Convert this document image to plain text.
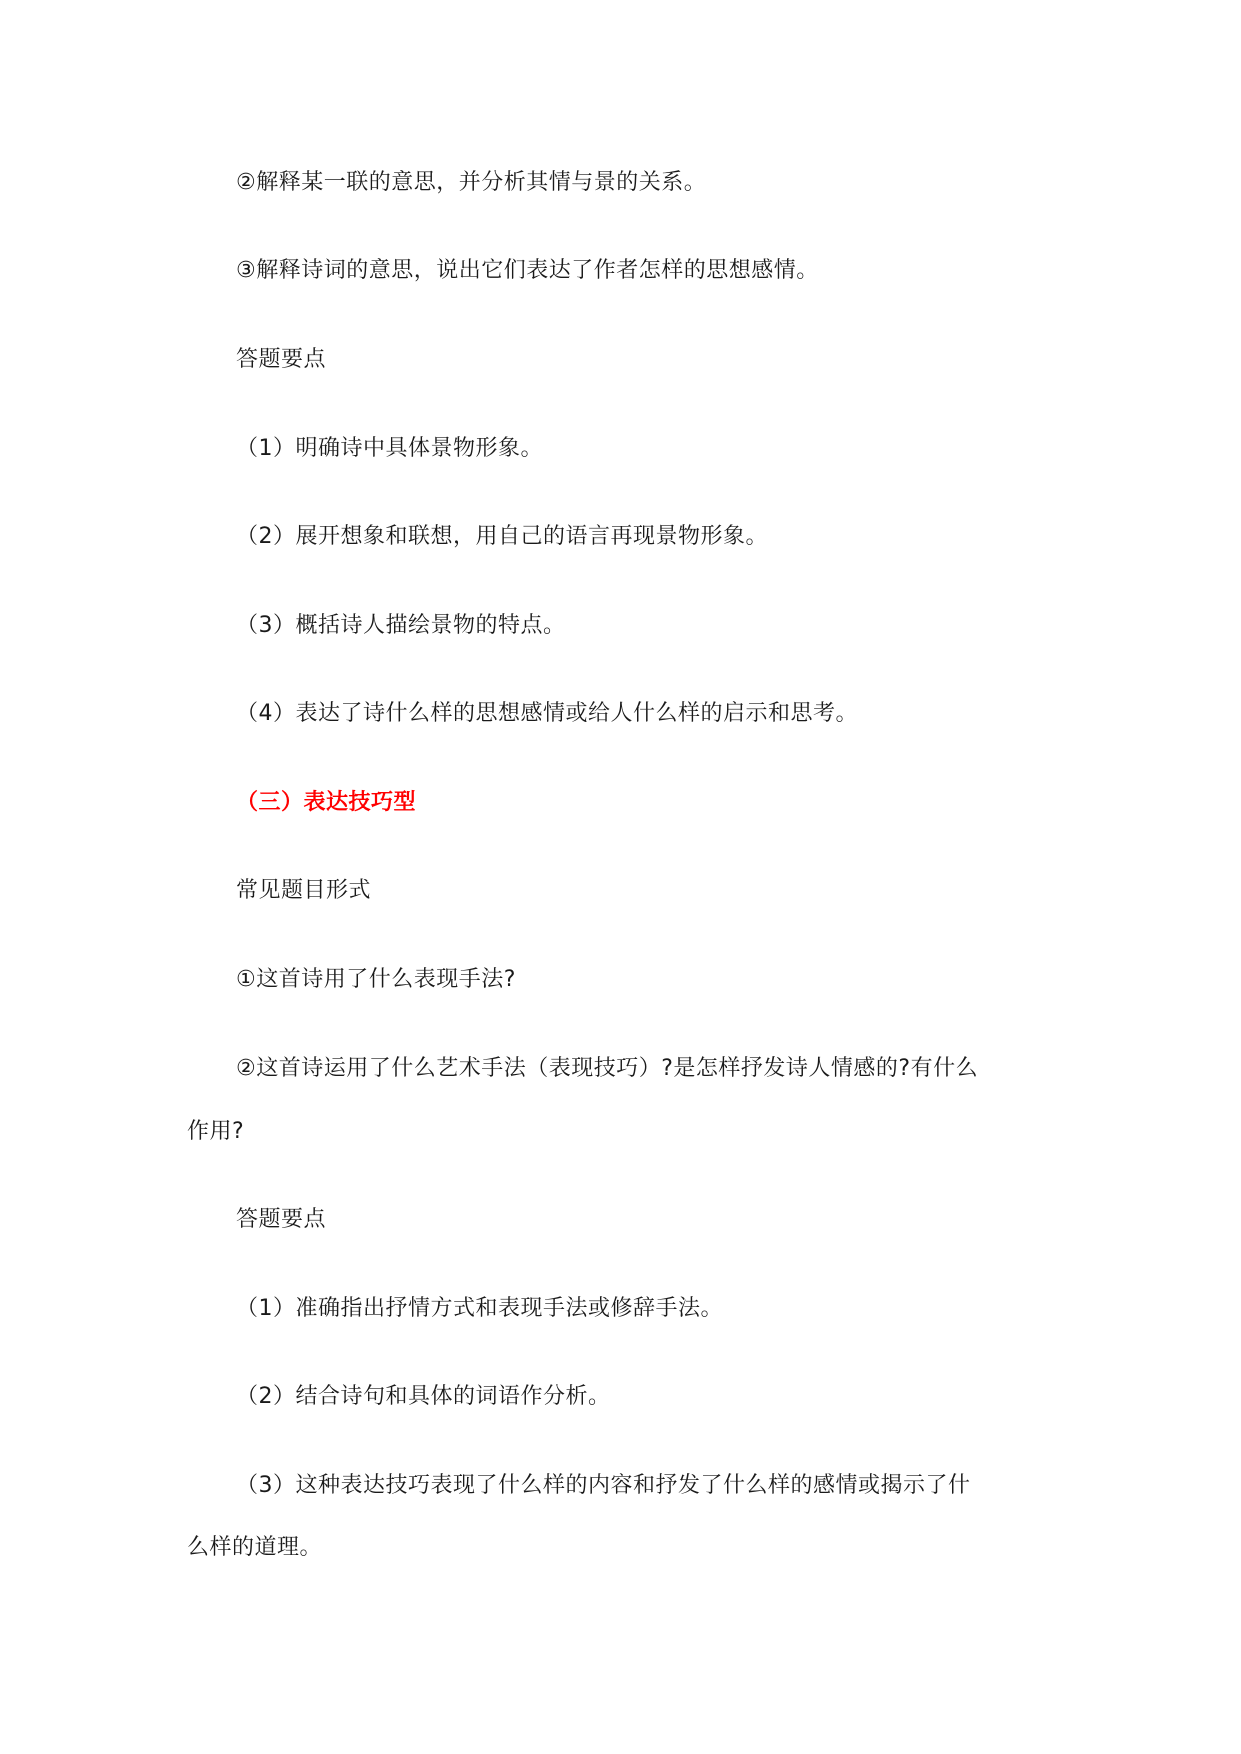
②解释某一联的意思，并分析其情与景的关系。
③解释诗词的意思，说出它们表达了作者怎样的思想感情。
答题要点
（1）明确诗中具体景物形象。
（2）展开想象和联想，用自己的语言再现景物形象。
（3）概括诗人描绘景物的特点。
（4）表达了诗什么样的思想感情或给人什么样的启示和思考。
（三）表达技巧型
常见题目形式
①这首诗用了什么表现手法?
②这首诗运用了什么艺术手法（表现技巧）?是怎样抒发诗人情感的?有什么
作用?
答题要点
（1）准确指出抒情方式和表现手法或修辞手法。
（2）结合诗句和具体的词语作分析。
（3）这种表达技巧表现了什么样的内容和抒发了什么样的感情或揭示了什
么样的道理。
